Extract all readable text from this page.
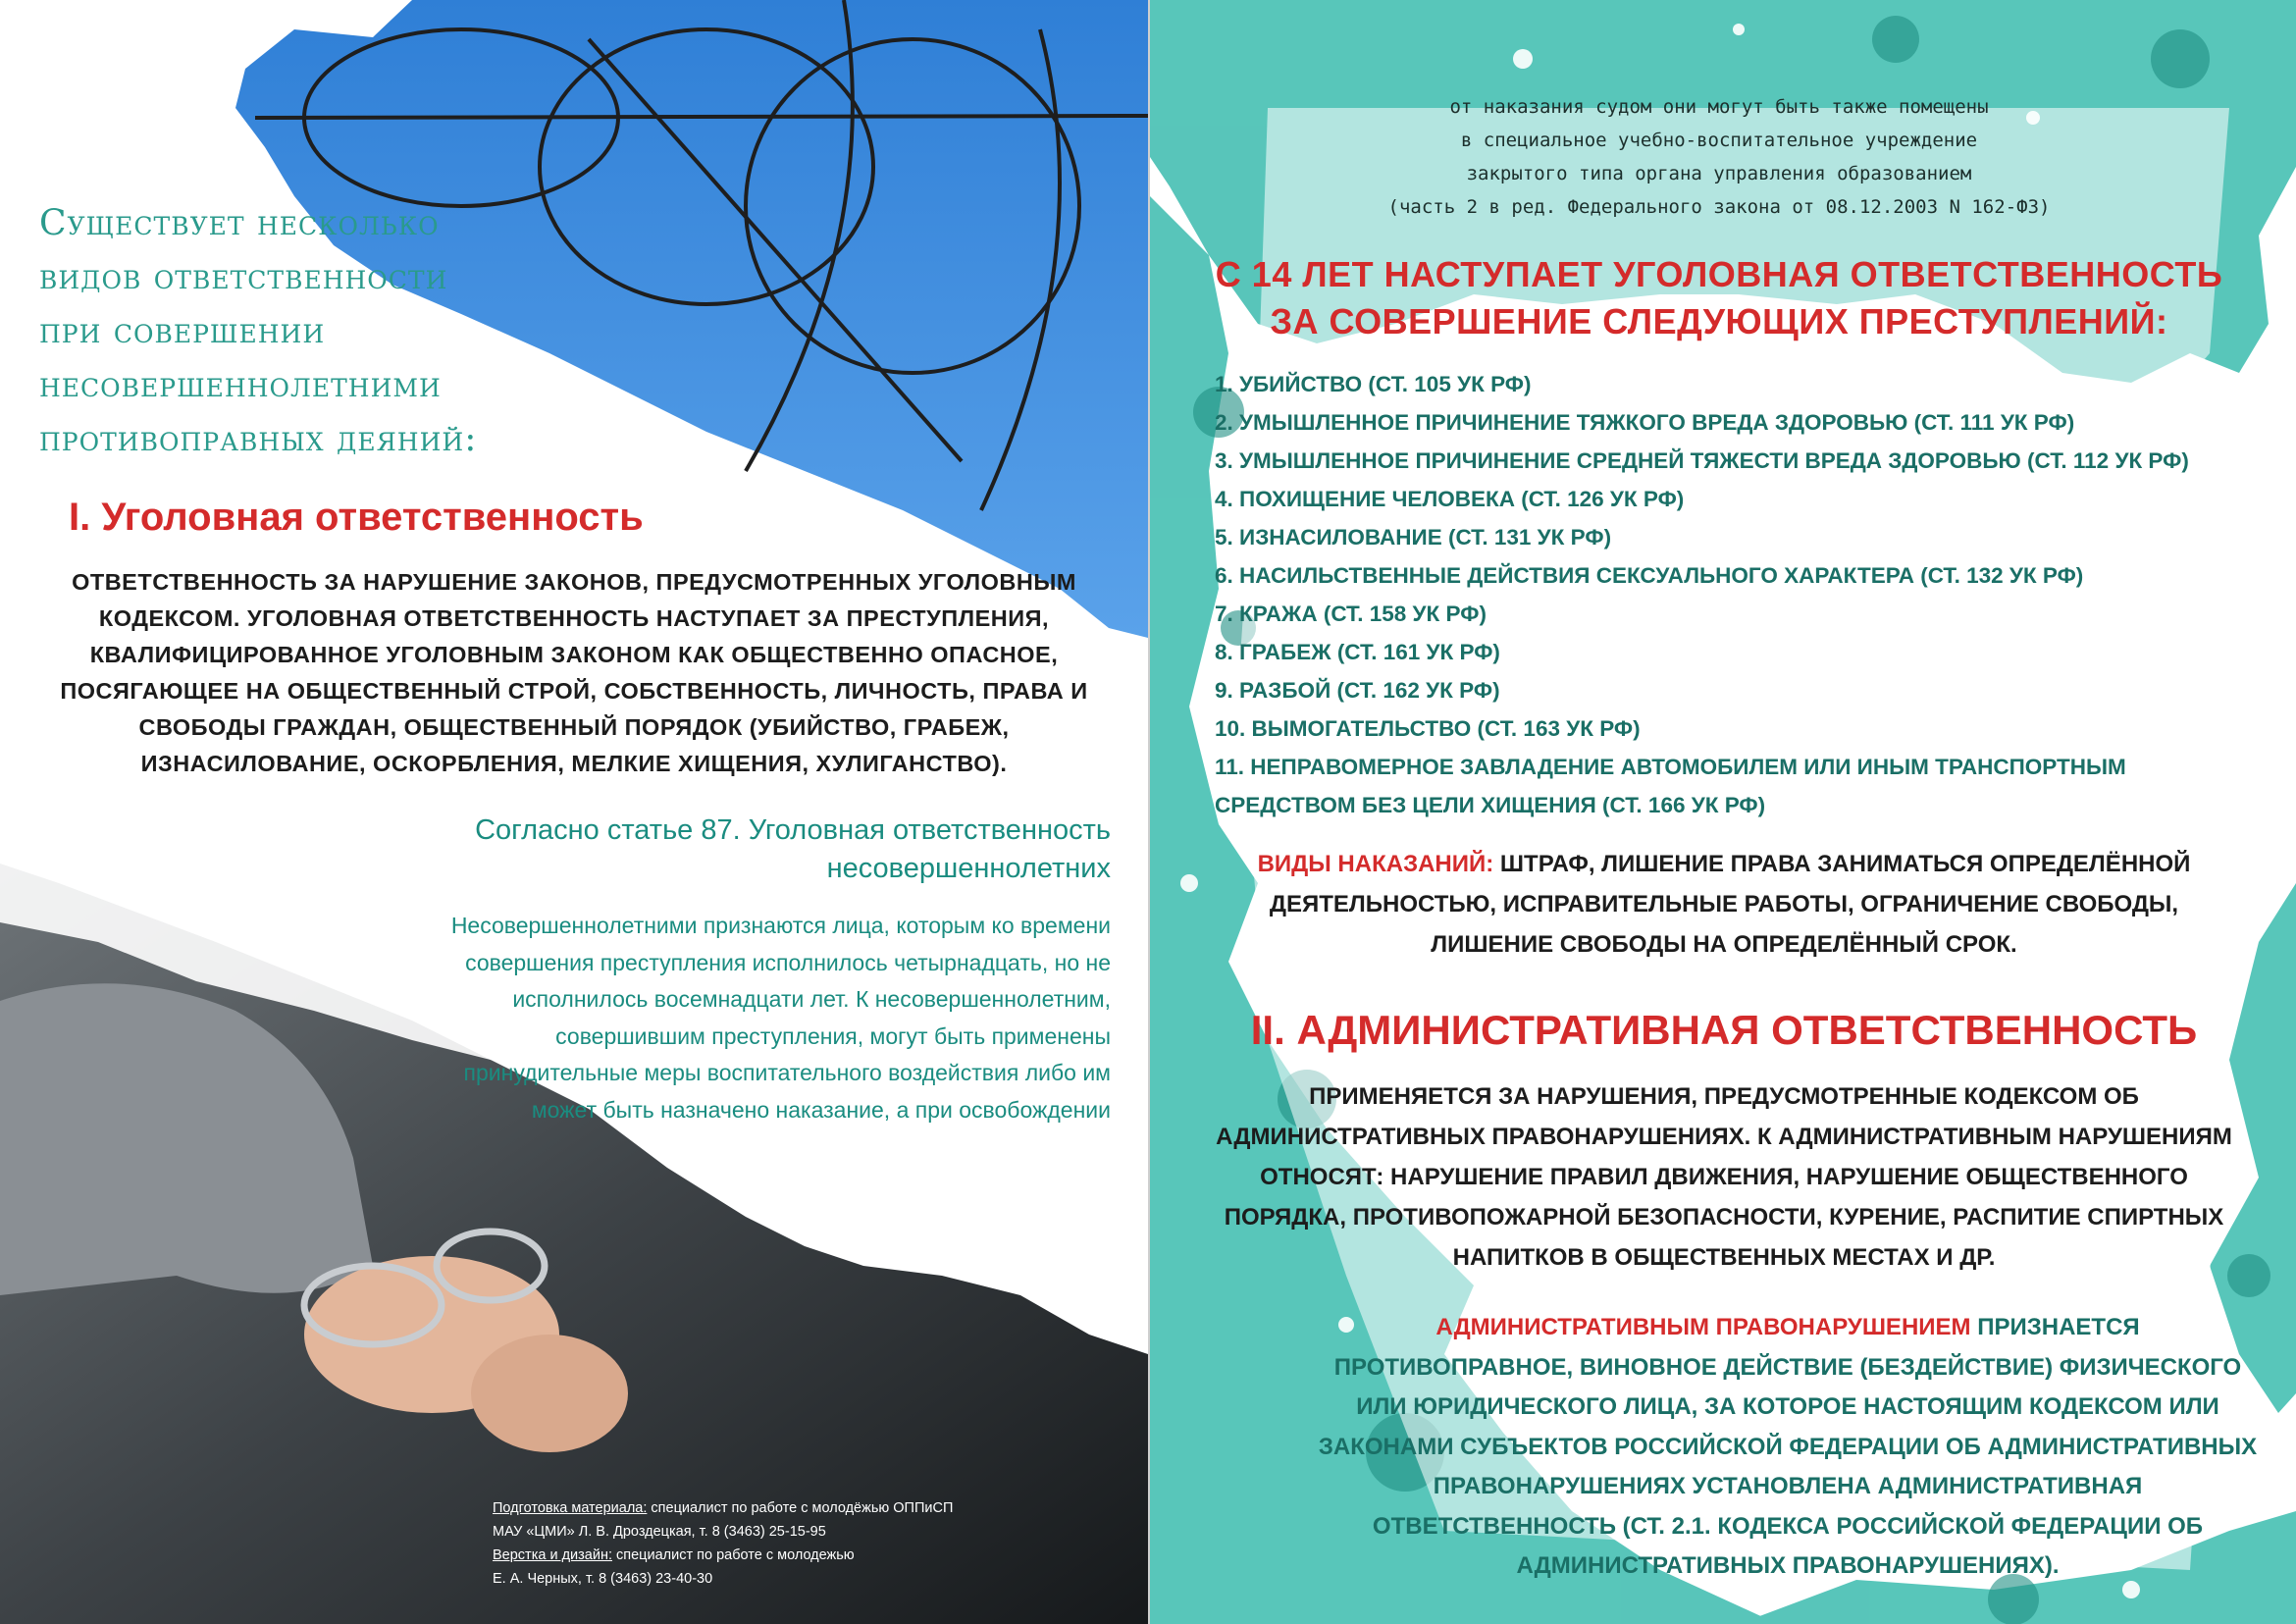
Существует несколько
видов ответственности
при совершении
несовершеннолетними
противоправных деяний:
I. Уголовная ответственность
ОТВЕТСТВЕННОСТЬ ЗА НАРУШЕНИЕ ЗАКОНОВ, ПРЕДУСМОТРЕННЫХ УГОЛОВНЫМ КОДЕКСОМ. УГОЛОВНАЯ ОТВЕТСТВЕННОСТЬ НАСТУПАЕТ ЗА ПРЕСТУПЛЕНИЯ, КВАЛИФИЦИРОВАННОЕ УГОЛОВНЫМ ЗАКОНОМ КАК ОБЩЕСТВЕННО ОПАСНОЕ, ПОСЯГАЮЩЕЕ НА ОБЩЕСТВЕННЫЙ СТРОЙ, СОБСТВЕННОСТЬ, ЛИЧНОСТЬ, ПРАВА И СВОБОДЫ ГРАЖДАН, ОБЩЕСТВЕННЫЙ ПОРЯДОК (УБИЙСТВО, ГРАБЕЖ, ИЗНАСИЛОВАНИЕ, ОСКОРБЛЕНИЯ, МЕЛКИЕ ХИЩЕНИЯ, ХУЛИГАНСТВО).
Согласно статье 87. Уголовная ответственность несовершеннолетних
Несовершеннолетними признаются лица, которым ко времени совершения преступления исполнилось четырнадцать, но не исполнилось восемнадцати лет. К несовершеннолетним, совершившим преступления, могут быть применены принудительные меры воспитательного воздействия либо им может быть назначено наказание, а при освобождении
Подготовка материала: специалист по работе с молодёжью ОППиСП
МАУ «ЦМИ» Л. В. Дроздецкая, т. 8 (3463) 25-15-95
Верстка и дизайн: специалист по работе с молодежью
Е. А. Черных, т. 8 (3463) 23-40-30
от наказания судом они могут быть также помещены
в специальное учебно-воспитательное учреждение
закрытого типа органа управления образованием
(часть 2 в ред. Федерального закона от 08.12.2003 N 162-ФЗ)
С 14 ЛЕТ НАСТУПАЕТ УГОЛОВНАЯ ОТВЕТСТВЕННОСТЬ
ЗА СОВЕРШЕНИЕ СЛЕДУЮЩИХ ПРЕСТУПЛЕНИЙ:
1. УБИЙСТВО (СТ. 105 УК РФ)
2. УМЫШЛЕННОЕ ПРИЧИНЕНИЕ ТЯЖКОГО ВРЕДА ЗДОРОВЬЮ (СТ. 111 УК РФ)
3. УМЫШЛЕННОЕ ПРИЧИНЕНИЕ СРЕДНЕЙ ТЯЖЕСТИ ВРЕДА ЗДОРОВЬЮ (СТ. 112 УК РФ)
4. ПОХИЩЕНИЕ ЧЕЛОВЕКА (СТ. 126 УК РФ)
5. ИЗНАСИЛОВАНИЕ (СТ. 131 УК РФ)
6. НАСИЛЬСТВЕННЫЕ ДЕЙСТВИЯ СЕКСУАЛЬНОГО ХАРАКТЕРА (СТ. 132 УК РФ)
7. КРАЖА (СТ. 158 УК РФ)
8. ГРАБЕЖ (СТ. 161 УК РФ)
9. РАЗБОЙ (СТ. 162 УК РФ)
10. ВЫМОГАТЕЛЬСТВО (СТ. 163 УК РФ)
11. НЕПРАВОМЕРНОЕ ЗАВЛАДЕНИЕ АВТОМОБИЛЕМ ИЛИ ИНЫМ ТРАНСПОРТНЫМ
СРЕДСТВОМ БЕЗ ЦЕЛИ ХИЩЕНИЯ (СТ. 166 УК РФ)
ВИДЫ НАКАЗАНИЙ: ШТРАФ, ЛИШЕНИЕ ПРАВА ЗАНИМАТЬСЯ ОПРЕДЕЛЁННОЙ ДЕЯТЕЛЬНОСТЬЮ, ИСПРАВИТЕЛЬНЫЕ РАБОТЫ, ОГРАНИЧЕНИЕ СВОБОДЫ, ЛИШЕНИЕ СВОБОДЫ НА ОПРЕДЕЛЁННЫЙ СРОК.
II. АДМИНИСТРАТИВНАЯ ОТВЕТСТВЕННОСТЬ
ПРИМЕНЯЕТСЯ ЗА НАРУШЕНИЯ, ПРЕДУСМОТРЕННЫЕ КОДЕКСОМ ОБ АДМИНИСТРАТИВНЫХ ПРАВОНАРУШЕНИЯХ. К АДМИНИСТРАТИВНЫМ НАРУШЕНИЯМ ОТНОСЯТ: НАРУШЕНИЕ ПРАВИЛ ДВИЖЕНИЯ, НАРУШЕНИЕ ОБЩЕСТВЕННОГО ПОРЯДКА, ПРОТИВОПОЖАРНОЙ БЕЗОПАСНОСТИ, КУРЕНИЕ, РАСПИТИЕ СПИРТНЫХ НАПИТКОВ В ОБЩЕСТВЕННЫХ МЕСТАХ И ДР.
АДМИНИСТРАТИВНЫМ ПРАВОНАРУШЕНИЕМ ПРИЗНАЕТСЯ ПРОТИВОПРАВНОЕ, ВИНОВНОЕ ДЕЙСТВИЕ (БЕЗДЕЙСТВИЕ) ФИЗИЧЕСКОГО ИЛИ ЮРИДИЧЕСКОГО ЛИЦА, ЗА КОТОРОЕ НАСТОЯЩИМ КОДЕКСОМ ИЛИ ЗАКОНАМИ СУБЪЕКТОВ РОССИЙСКОЙ ФЕДЕРАЦИИ ОБ АДМИНИСТРАТИВНЫХ ПРАВОНАРУШЕНИЯХ УСТАНОВЛЕНА АДМИНИСТРАТИВНАЯ ОТВЕТСТВЕННОСТЬ (СТ. 2.1. КОДЕКСА РОССИЙСКОЙ ФЕДЕРАЦИИ ОБ АДМИНИСТРАТИВНЫХ ПРАВОНАРУШЕНИЯХ).
